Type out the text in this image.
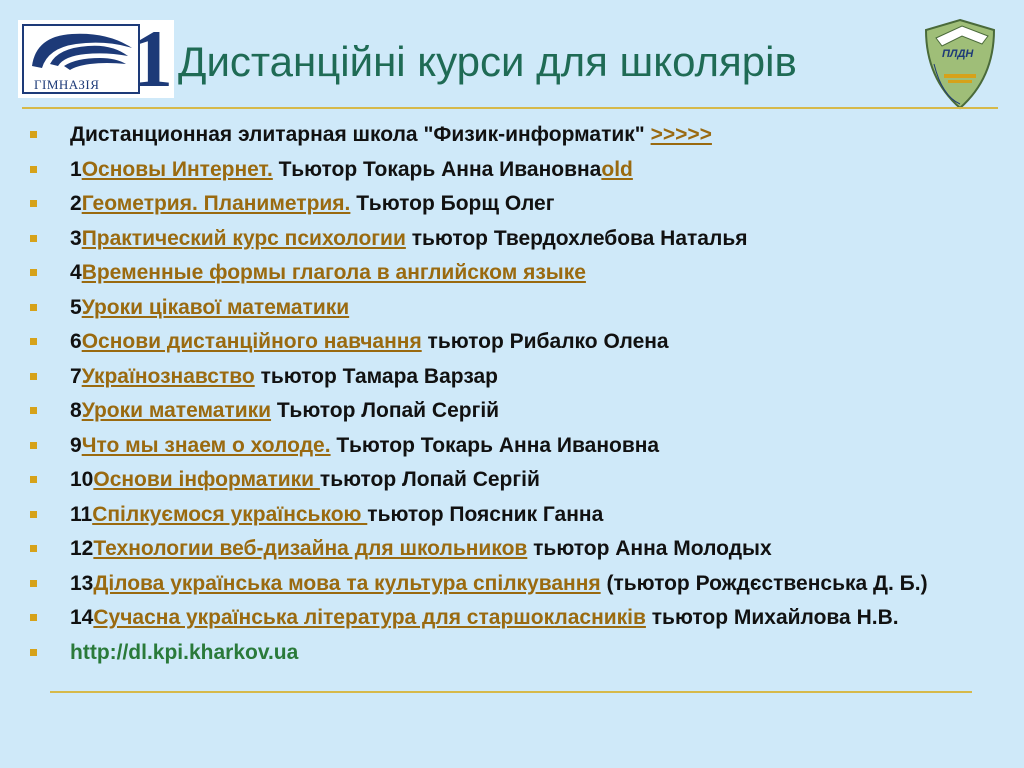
ГІМНАЗІЯ 1 Дистанційні курси для школярів	ПЛДН
Дистанционная элитарная школа "Физик-информатик" >>>>>
1Основы Интернет. Тьютор Токарь Анна Ивановнаold
2Геометрия. Планиметрия. Тьютор Борщ Олег
3Практический курс психологии тьютор Твердохлебова Наталья
4Временные формы глагола в английском языке
5Уроки цікавої математики
6Основи дистанційного навчання тьютор Рибалко Олена
7Українознавство тьютор Тамара Варзар
8Уроки математики Тьютор Лопай Сергій
9Что мы знаем о холоде. Тьютор Токарь Анна Ивановна
10Основи інформатики тьютор Лопай Сергій
11Спілкуємося українською тьютор Поясник Ганна
12Технологии веб-дизайна для школьников тьютор Анна Молодых
13Ділова українська мова та культура спілкування (тьютор Рождєственська Д. Б.)
14Сучасна українська література для старшокласників тьютор Михайлова Н.В.
http://dl.kpi.kharkov.ua
